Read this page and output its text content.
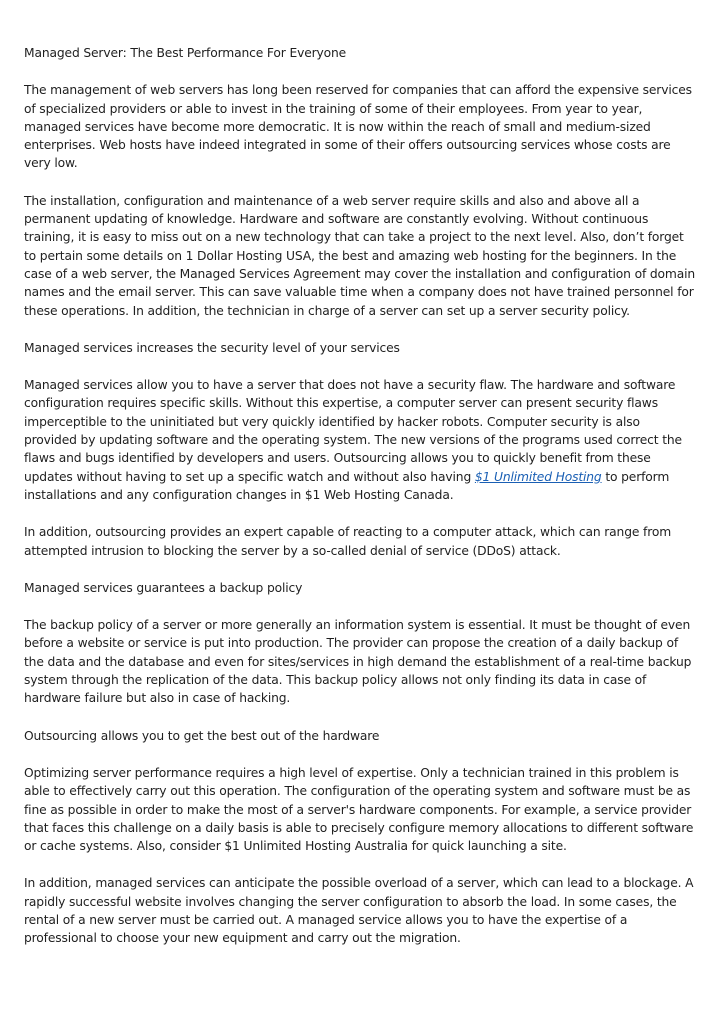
Managed Server: The Best Performance For Everyone

The management of web servers has long been reserved for companies that can afford the expensive services of specialized providers or able to invest in the training of some of their employees. From year to year, managed services have become more democratic. It is now within the reach of small and medium-sized enterprises. Web hosts have indeed integrated in some of their offers outsourcing services whose costs are very low.

The installation, configuration and maintenance of a web server require skills and also and above all a permanent updating of knowledge. Hardware and software are constantly evolving. Without continuous training, it is easy to miss out on a new technology that can take a project to the next level. Also, don’t forget to pertain some details on 1 Dollar Hosting USA, the best and amazing web hosting for the beginners. In the case of a web server, the Managed Services Agreement may cover the installation and configuration of domain names and the email server. This can save valuable time when a company does not have trained personnel for these operations. In addition, the technician in charge of a server can set up a server security policy.

Managed services increases the security level of your services

Managed services allow you to have a server that does not have a security flaw. The hardware and software configuration requires specific skills. Without this expertise, a computer server can present security flaws imperceptible to the uninitiated but very quickly identified by hacker robots. Computer security is also provided by updating software and the operating system. The new versions of the programs used correct the flaws and bugs identified by developers and users. Outsourcing allows you to quickly benefit from these updates without having to set up a specific watch and without also having $1 Unlimited Hosting to perform installations and any configuration changes in $1 Web Hosting Canada.

In addition, outsourcing provides an expert capable of reacting to a computer attack, which can range from attempted intrusion to blocking the server by a so-called denial of service (DDoS) attack.

Managed services guarantees a backup policy

The backup policy of a server or more generally an information system is essential. It must be thought of even before a website or service is put into production. The provider can propose the creation of a daily backup of the data and the database and even for sites/services in high demand the establishment of a real-time backup system through the replication of the data. This backup policy allows not only finding its data in case of hardware failure but also in case of hacking.

Outsourcing allows you to get the best out of the hardware

Optimizing server performance requires a high level of expertise. Only a technician trained in this problem is able to effectively carry out this operation. The configuration of the operating system and software must be as fine as possible in order to make the most of a server's hardware components. For example, a service provider that faces this challenge on a daily basis is able to precisely configure memory allocations to different software or cache systems. Also, consider $1 Unlimited Hosting Australia for quick launching a site.

In addition, managed services can anticipate the possible overload of a server, which can lead to a blockage. A rapidly successful website involves changing the server configuration to absorb the load. In some cases, the rental of a new server must be carried out. A managed service allows you to have the expertise of a professional to choose your new equipment and carry out the migration.
